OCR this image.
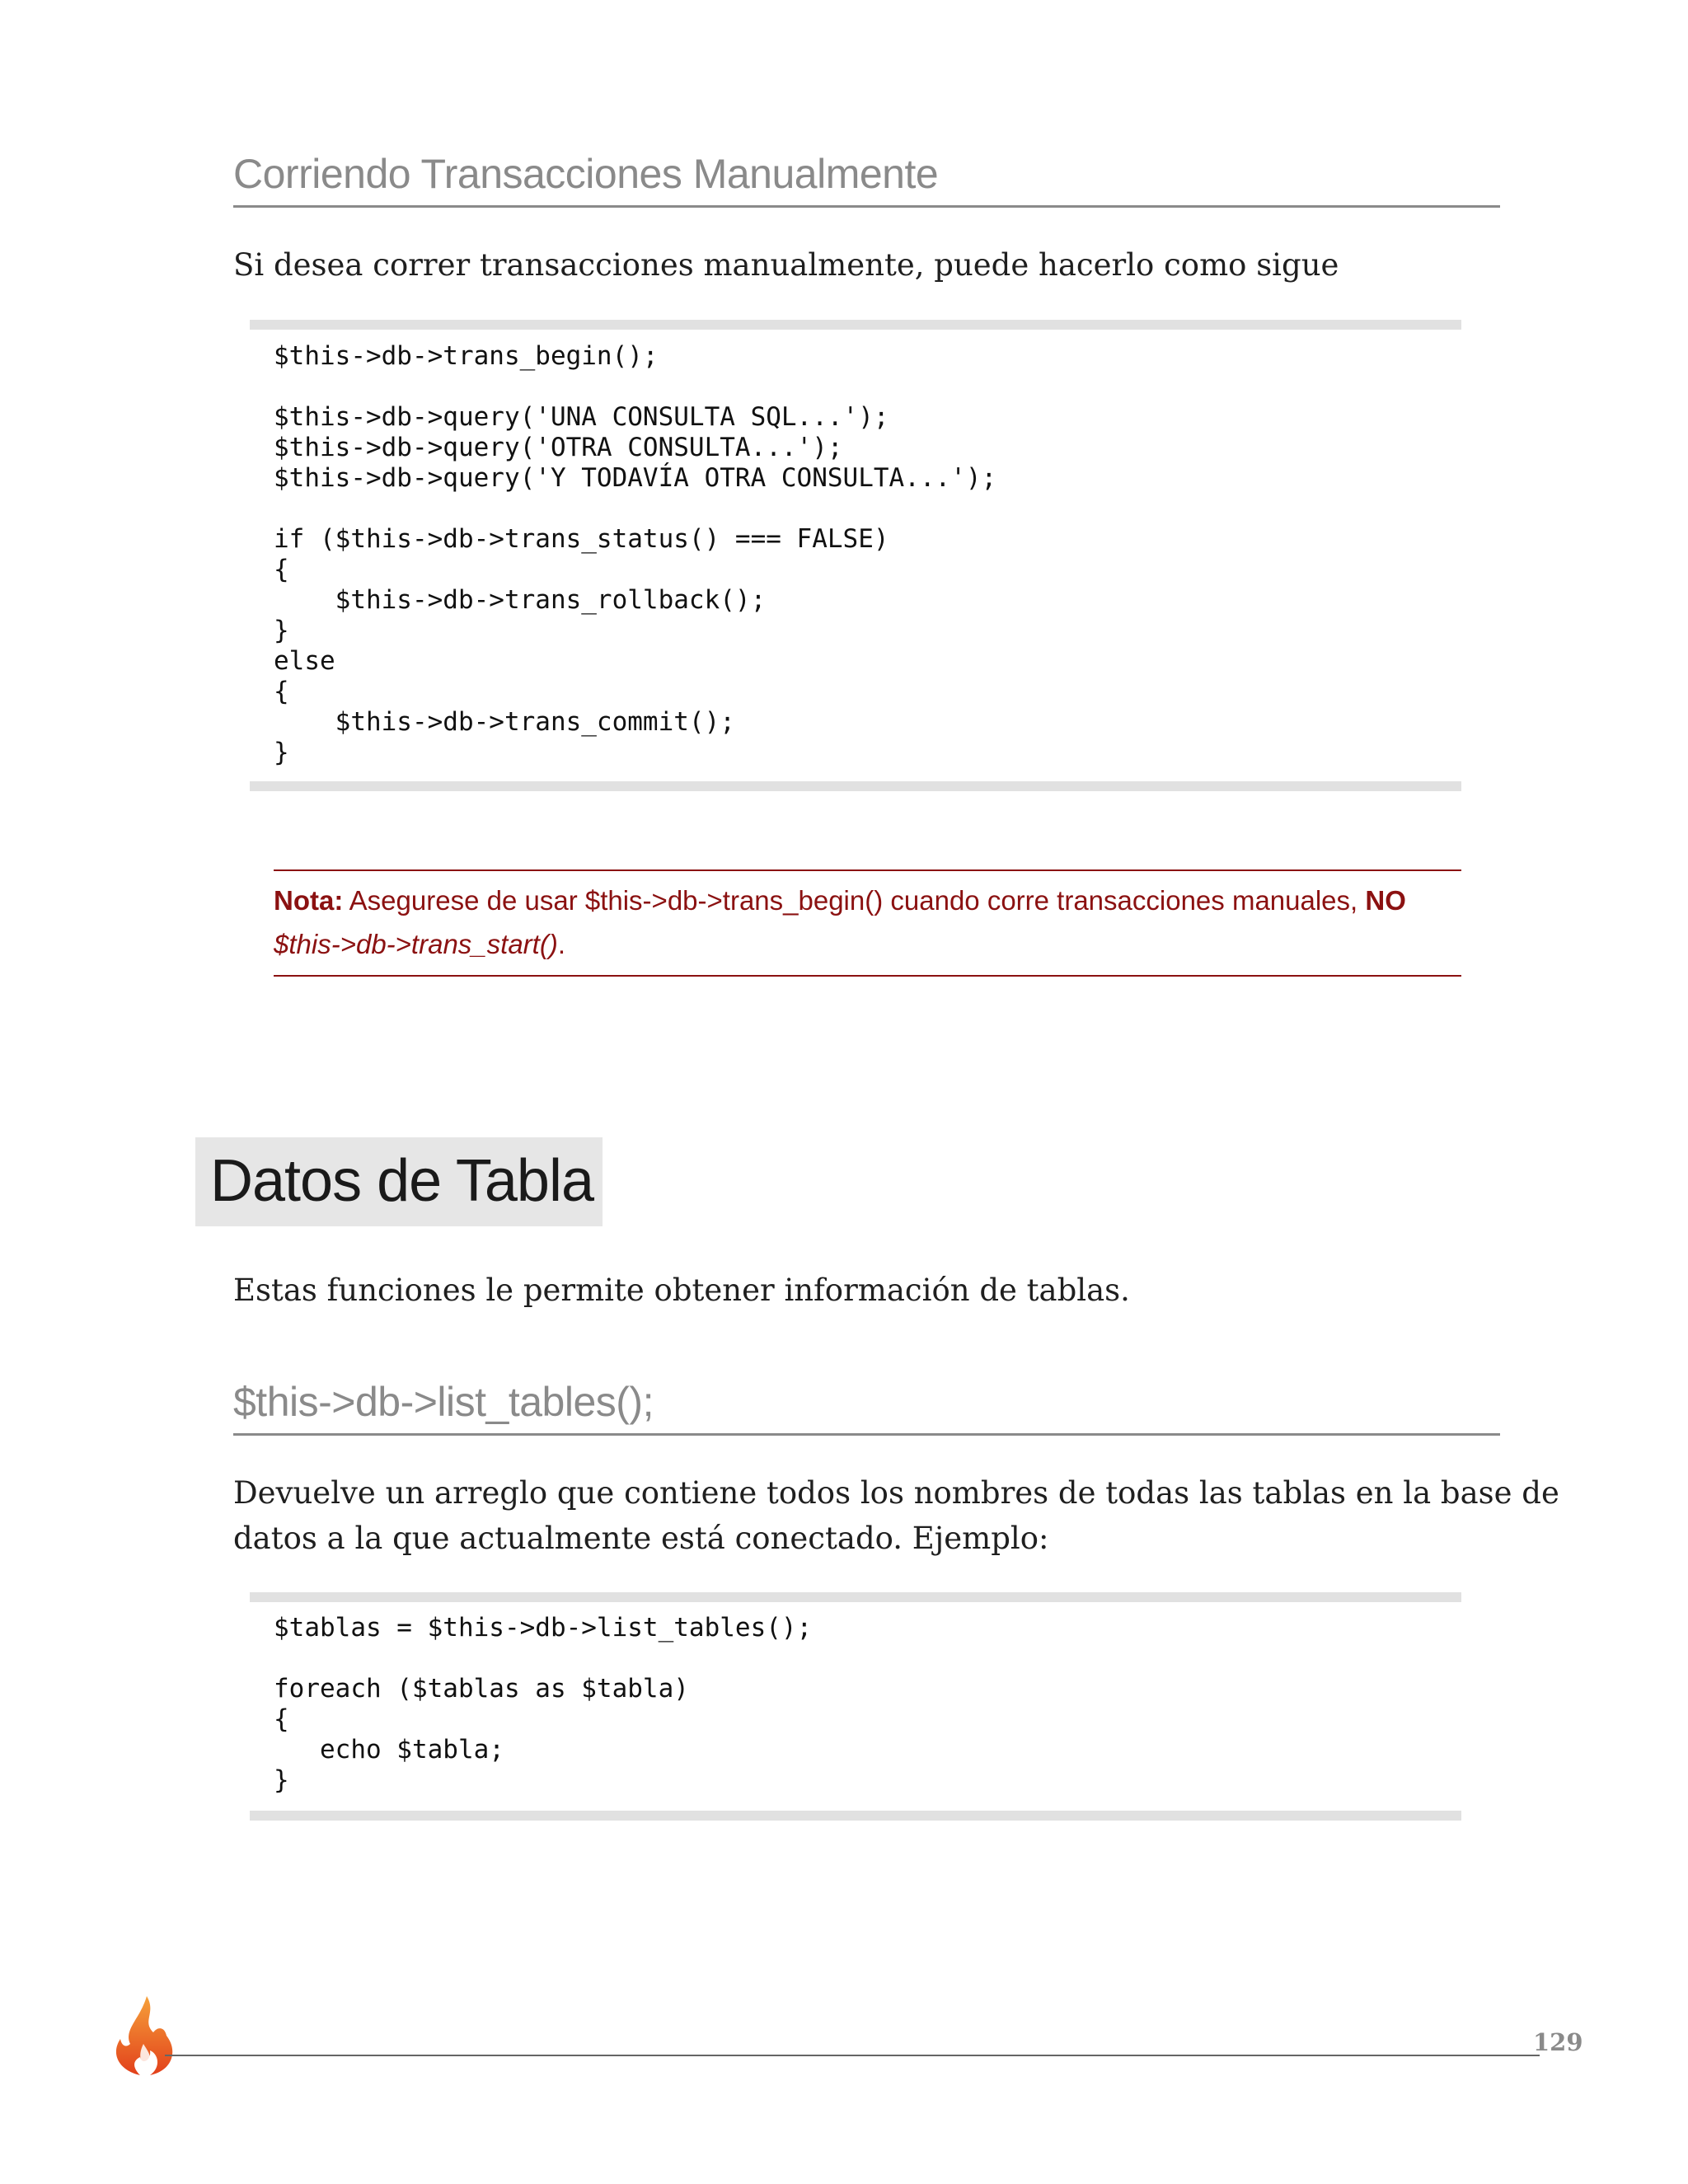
Corriendo Transacciones Manualmente

Si desea correr transacciones manualmente, puede hacerlo como sigue

$this->db->trans_begin();

$this->db->query('UNA CONSULTA SQL...');
$this->db->query('OTRA CONSULTA...');
$this->db->query('Y TODAVÍA OTRA CONSULTA...');

if ($this->db->trans_status() === FALSE)
{
$this->db->trans_rollback();
}
else
{
$this->db->trans_commit();
}
Nota: Asegurese de usar $this->db->trans_begin() cuando corre transacciones manuales, NO
$this->db->trans_start().
Datos de Tabla

Estas funciones le permite obtener información de tablas.

$this->db->list_tables();

Devuelve un arreglo que contiene todos los nombres de todas las tablas en la base de

datos a la que actualmente está conectado. Ejemplo:

$tablas = $this->db->list_tables();

foreach ($tablas as $tabla)
{
echo $tabla;
}
129
